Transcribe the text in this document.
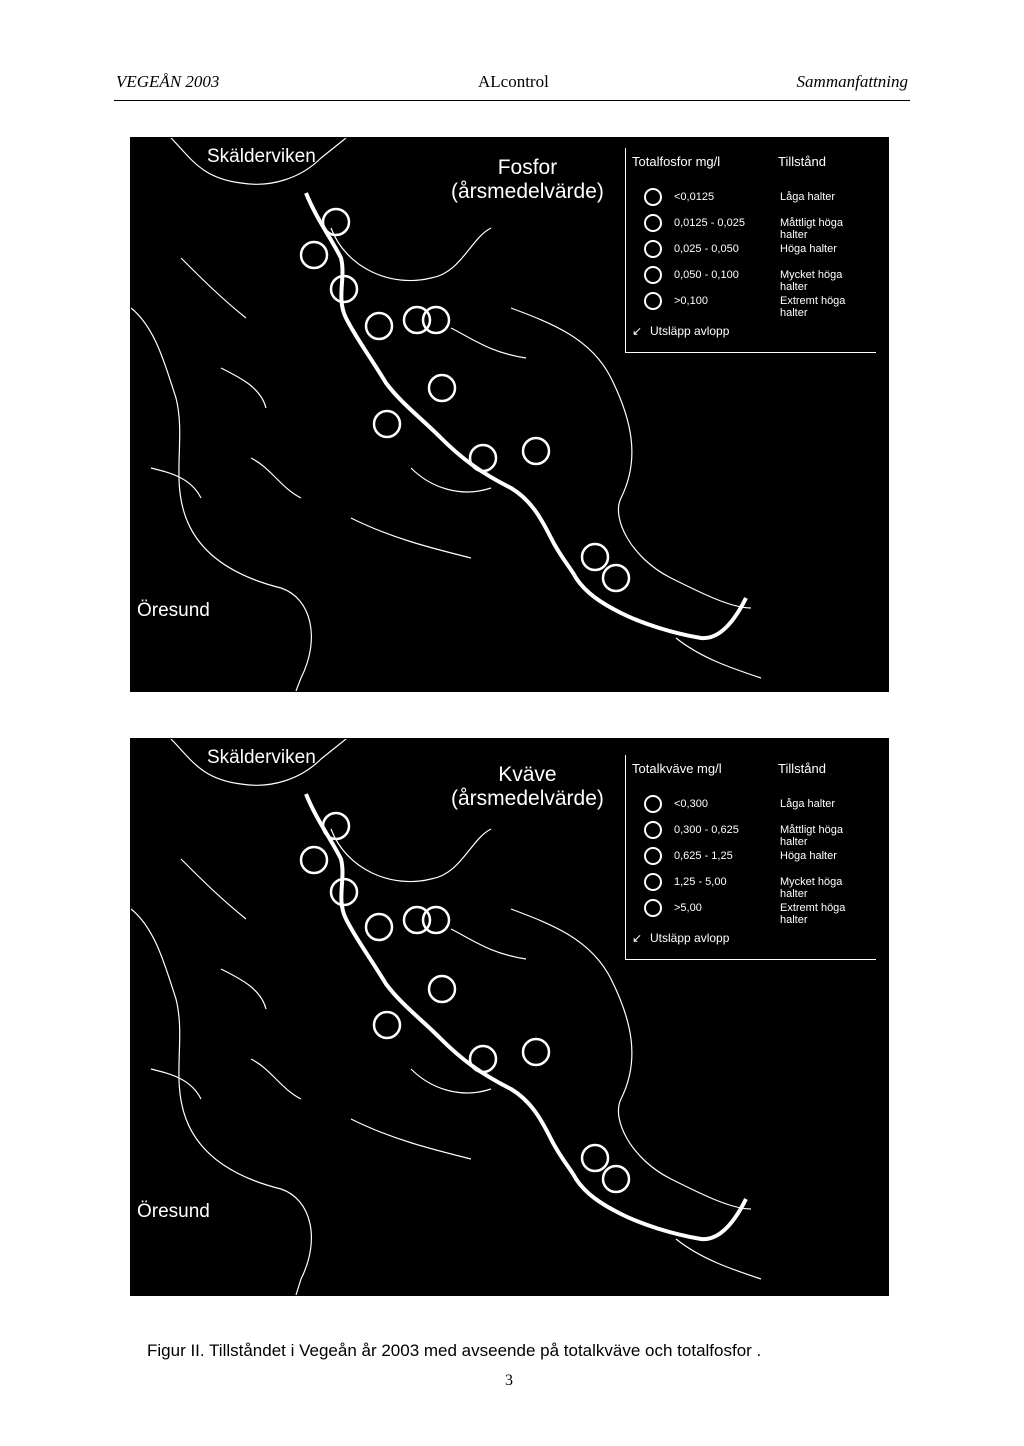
VEGEÅN 2003	ALcontrol	Sammanfattning
Skälderviken
Öresund
Fosfor
(årsmedelvärde)
Totalfosfor mg/l	Tillstånd
<0,0125	Låga halter
0,0125 - 0,025	Måttligt höga halter
0,025 - 0,050	Höga halter
0,050 - 0,100	Mycket höga halter
>0,100	Extremt höga halter
↙ Utsläpp avlopp
Skälderviken
Öresund
Kväve
(årsmedelvärde)
Totalkväve mg/l	Tillstånd
<0,300	Låga halter
0,300 - 0,625	Måttligt höga halter
0,625 - 1,25	Höga halter
1,25 - 5,00	Mycket höga halter
>5,00	Extremt höga halter
↙ Utsläpp avlopp
Figur II. Tillståndet i Vegeån år 2003 med avseende på totalkväve och totalfosfor .
3
